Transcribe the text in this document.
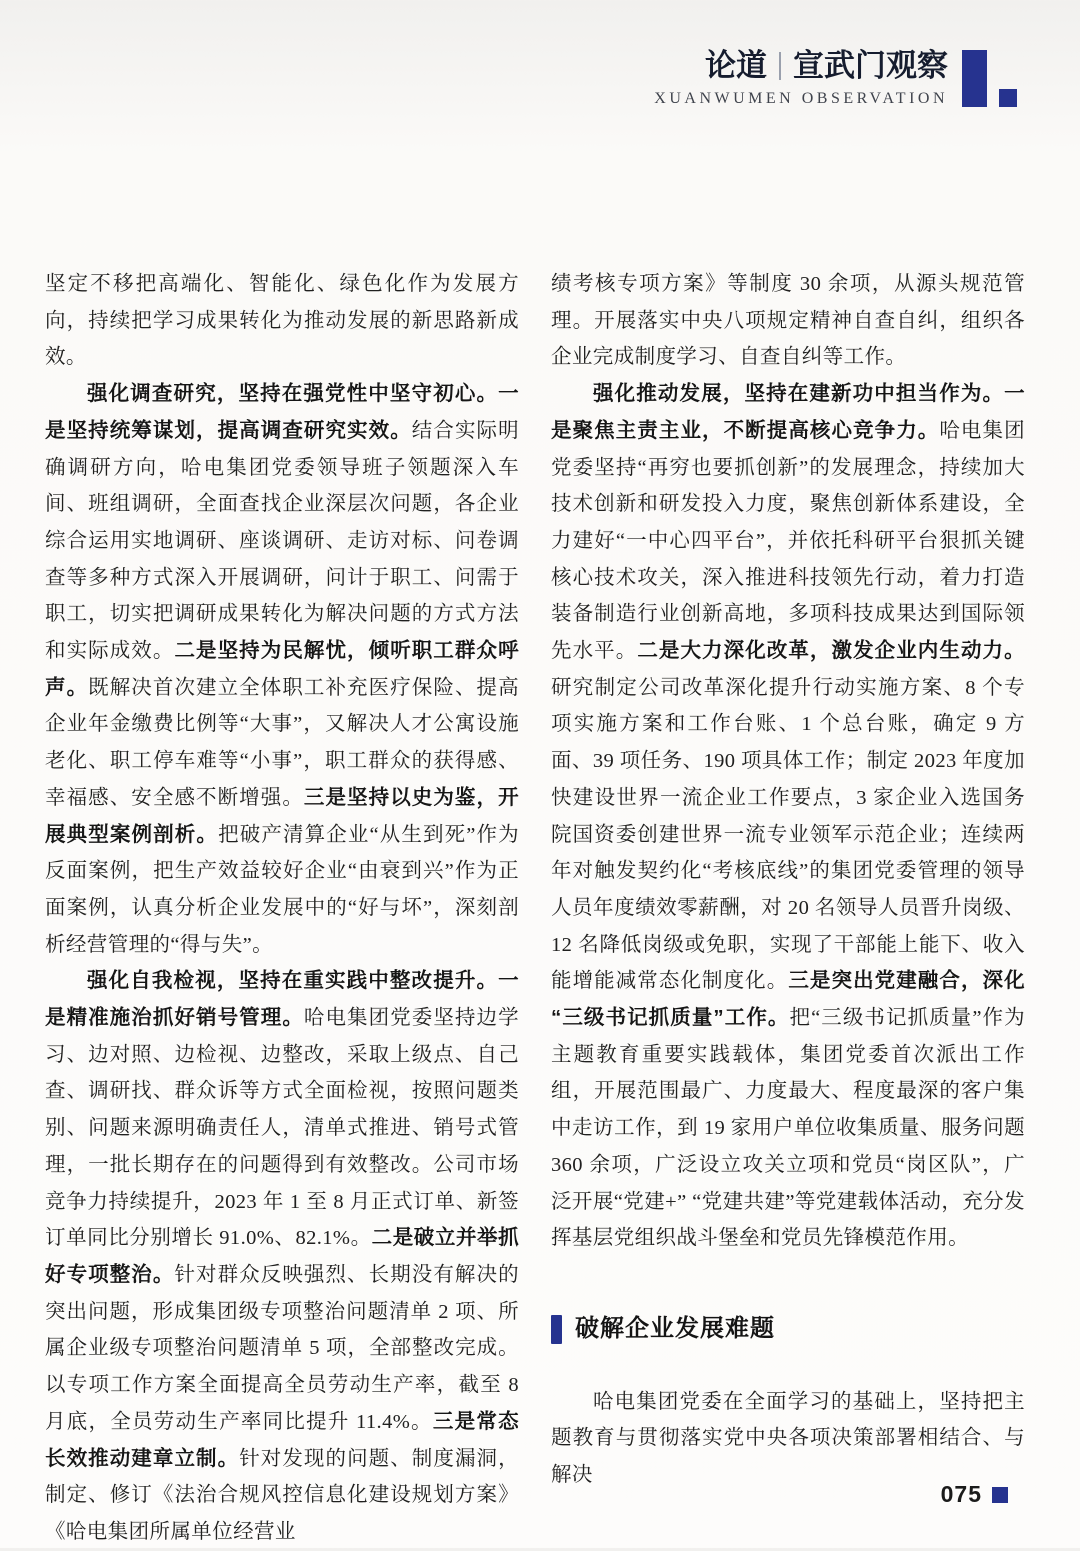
论道 宣武门观察
XUANWUMEN OBSERVATION

坚定不移把高端化、智能化、绿色化作为发展方向，持续把学习成果转化为推动发展的新思路新成效。

强化调查研究，坚持在强党性中坚守初心。一是坚持统筹谋划，提高调查研究实效。结合实际明确调研方向，哈电集团党委领导班子领题深入车间、班组调研，全面查找企业深层次问题，各企业综合运用实地调研、座谈调研、走访对标、问卷调查等多种方式深入开展调研，问计于职工、问需于职工，切实把调研成果转化为解决问题的方式方法和实际成效。二是坚持为民解忧，倾听职工群众呼声。既解决首次建立全体职工补充医疗保险、提高企业年金缴费比例等“大事”，又解决人才公寓设施老化、职工停车难等“小事”，职工群众的获得感、幸福感、安全感不断增强。三是坚持以史为鉴，开展典型案例剖析。把破产清算企业“从生到死”作为反面案例，把生产效益较好企业“由衰到兴”作为正面案例，认真分析企业发展中的“好与坏”，深刻剖析经营管理的“得与失”。

强化自我检视，坚持在重实践中整改提升。一是精准施治抓好销号管理。哈电集团党委坚持边学习、边对照、边检视、边整改，采取上级点、自己查、调研找、群众诉等方式全面检视，按照问题类别、问题来源明确责任人，清单式推进、销号式管理，一批长期存在的问题得到有效整改。公司市场竞争力持续提升，2023 年 1 至 8 月正式订单、新签订单同比分别增长 91.0%、82.1%。二是破立并举抓好专项整治。针对群众反映强烈、长期没有解决的突出问题，形成集团级专项整治问题清单 2 项、所属企业级专项整治问题清单 5 项，全部整改完成。以专项工作方案全面提高全员劳动生产率，截至 8 月底，全员劳动生产率同比提升 11.4%。三是常态长效推动建章立制。针对发现的问题、制度漏洞，制定、修订《法治合规风控信息化建设规划方案》《哈电集团所属单位经营业

绩考核专项方案》等制度 30 余项，从源头规范管理。开展落实中央八项规定精神自查自纠，组织各企业完成制度学习、自查自纠等工作。

强化推动发展，坚持在建新功中担当作为。一是聚焦主责主业，不断提高核心竞争力。哈电集团党委坚持“再穷也要抓创新”的发展理念，持续加大技术创新和研发投入力度，聚焦创新体系建设，全力建好“一中心四平台”，并依托科研平台狠抓关键核心技术攻关，深入推进科技领先行动，着力打造装备制造行业创新高地，多项科技成果达到国际领先水平。二是大力深化改革，激发企业内生动力。研究制定公司改革深化提升行动实施方案、8 个专项实施方案和工作台账、1 个总台账，确定 9 方面、39 项任务、190 项具体工作；制定 2023 年度加快建设世界一流企业工作要点，3 家企业入选国务院国资委创建世界一流专业领军示范企业；连续两年对触发契约化“考核底线”的集团党委管理的领导人员年度绩效零薪酬，对 20 名领导人员晋升岗级、12 名降低岗级或免职，实现了干部能上能下、收入能增能减常态化制度化。三是突出党建融合，深化“三级书记抓质量”工作。把“三级书记抓质量”作为主题教育重要实践载体，集团党委首次派出工作组，开展范围最广、力度最大、程度最深的客户集中走访工作，到 19 家用户单位收集质量、服务问题 360 余项，广泛设立攻关立项和党员“岗区队”，广泛开展“党建+” “党建共建”等党建载体活动，充分发挥基层党组织战斗堡垒和党员先锋模范作用。

破解企业发展难题

哈电集团党委在全面学习的基础上，坚持把主题教育与贯彻落实党中央各项决策部署相结合、与解决

075
